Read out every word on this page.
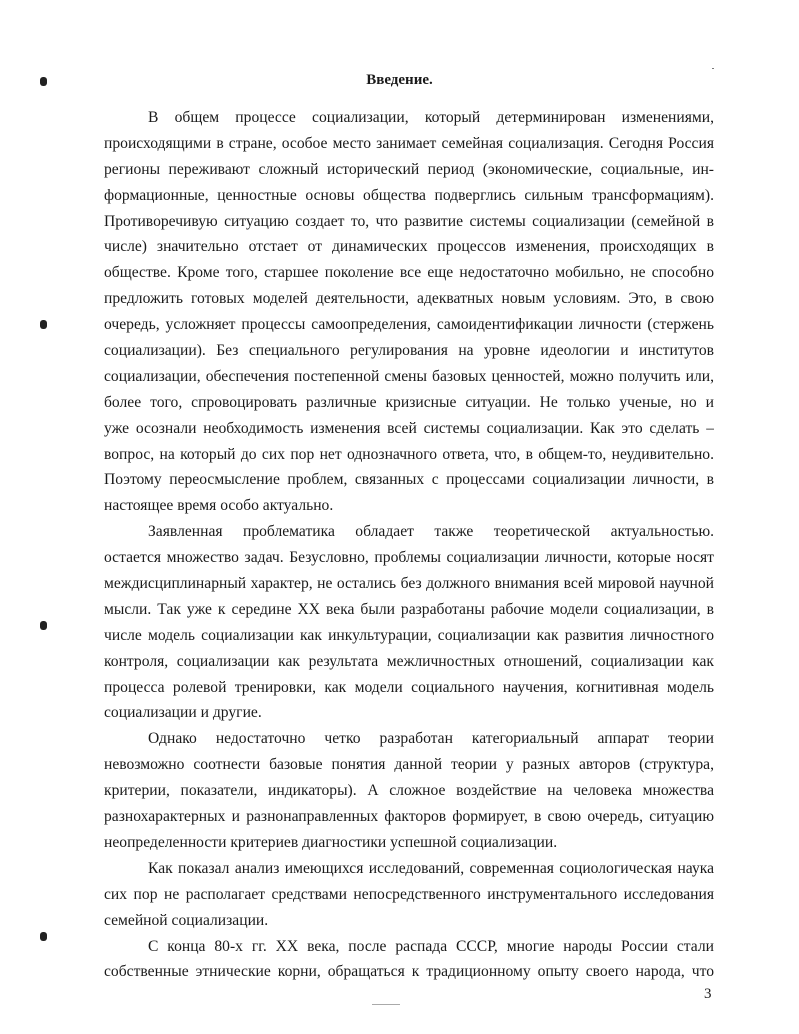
Введение.
В общем процессе социализации, который детерминирован изменениями,
происходящими в стране, особое место занимает семейная социализация. Сегодня Россия
регионы переживают сложный исторический период (экономические, социальные, ин-
формационные, ценностные основы общества подверглись сильным трансформациям).
Противоречивую ситуацию создает то, что развитие системы социализации (семейной в
числе) значительно отстает от динамических процессов изменения, происходящих в
обществе. Кроме того, старшее поколение все еще недостаточно мобильно, не способно
предложить готовых моделей деятельности, адекватных новым условиям. Это, в свою
очередь, усложняет процессы самоопределения, самоидентификации личности (стержень
социализации). Без специального регулирования на уровне идеологии и институтов
социализации, обеспечения постепенной смены базовых ценностей, можно получить или,
более того, спровоцировать различные кризисные ситуации. Не только ученые, но и
уже осознали необходимость изменения всей системы социализации. Как это сделать –
вопрос, на который до сих пор нет однозначного ответа, что, в общем-то, неудивительно.
Поэтому переосмысление проблем, связанных с процессами социализации личности, в
настоящее время особо актуально.
Заявленная проблематика обладает также теоретической актуальностью.
остается множество задач. Безусловно, проблемы социализации личности, которые носят
междисциплинарный характер, не остались без должного внимания всей мировой научной
мысли. Так уже к середине XX века были разработаны рабочие модели социализации, в
числе модель социализации как инкультурации, социализации как развития личностного
контроля, социализации как результата межличностных отношений, социализации как
процесса ролевой тренировки, как модели социального научения, когнитивная модель
социализации и другие.
Однако недостаточно четко разработан категориальный аппарат теории
невозможно соотнести базовые понятия данной теории у разных авторов (структура,
критерии, показатели, индикаторы). А сложное воздействие на человека множества
разнохарактерных и разнонаправленных факторов формирует, в свою очередь, ситуацию
неопределенности критериев диагностики успешной социализации.
Как показал анализ имеющихся исследований, современная социологическая наука
сих пор не располагает средствами непосредственного инструментального исследования
семейной социализации.
С конца 80-х гг. XX века, после распада СССР, многие народы России стали
собственные этнические корни, обращаться к традиционному опыту своего народа, что
3
